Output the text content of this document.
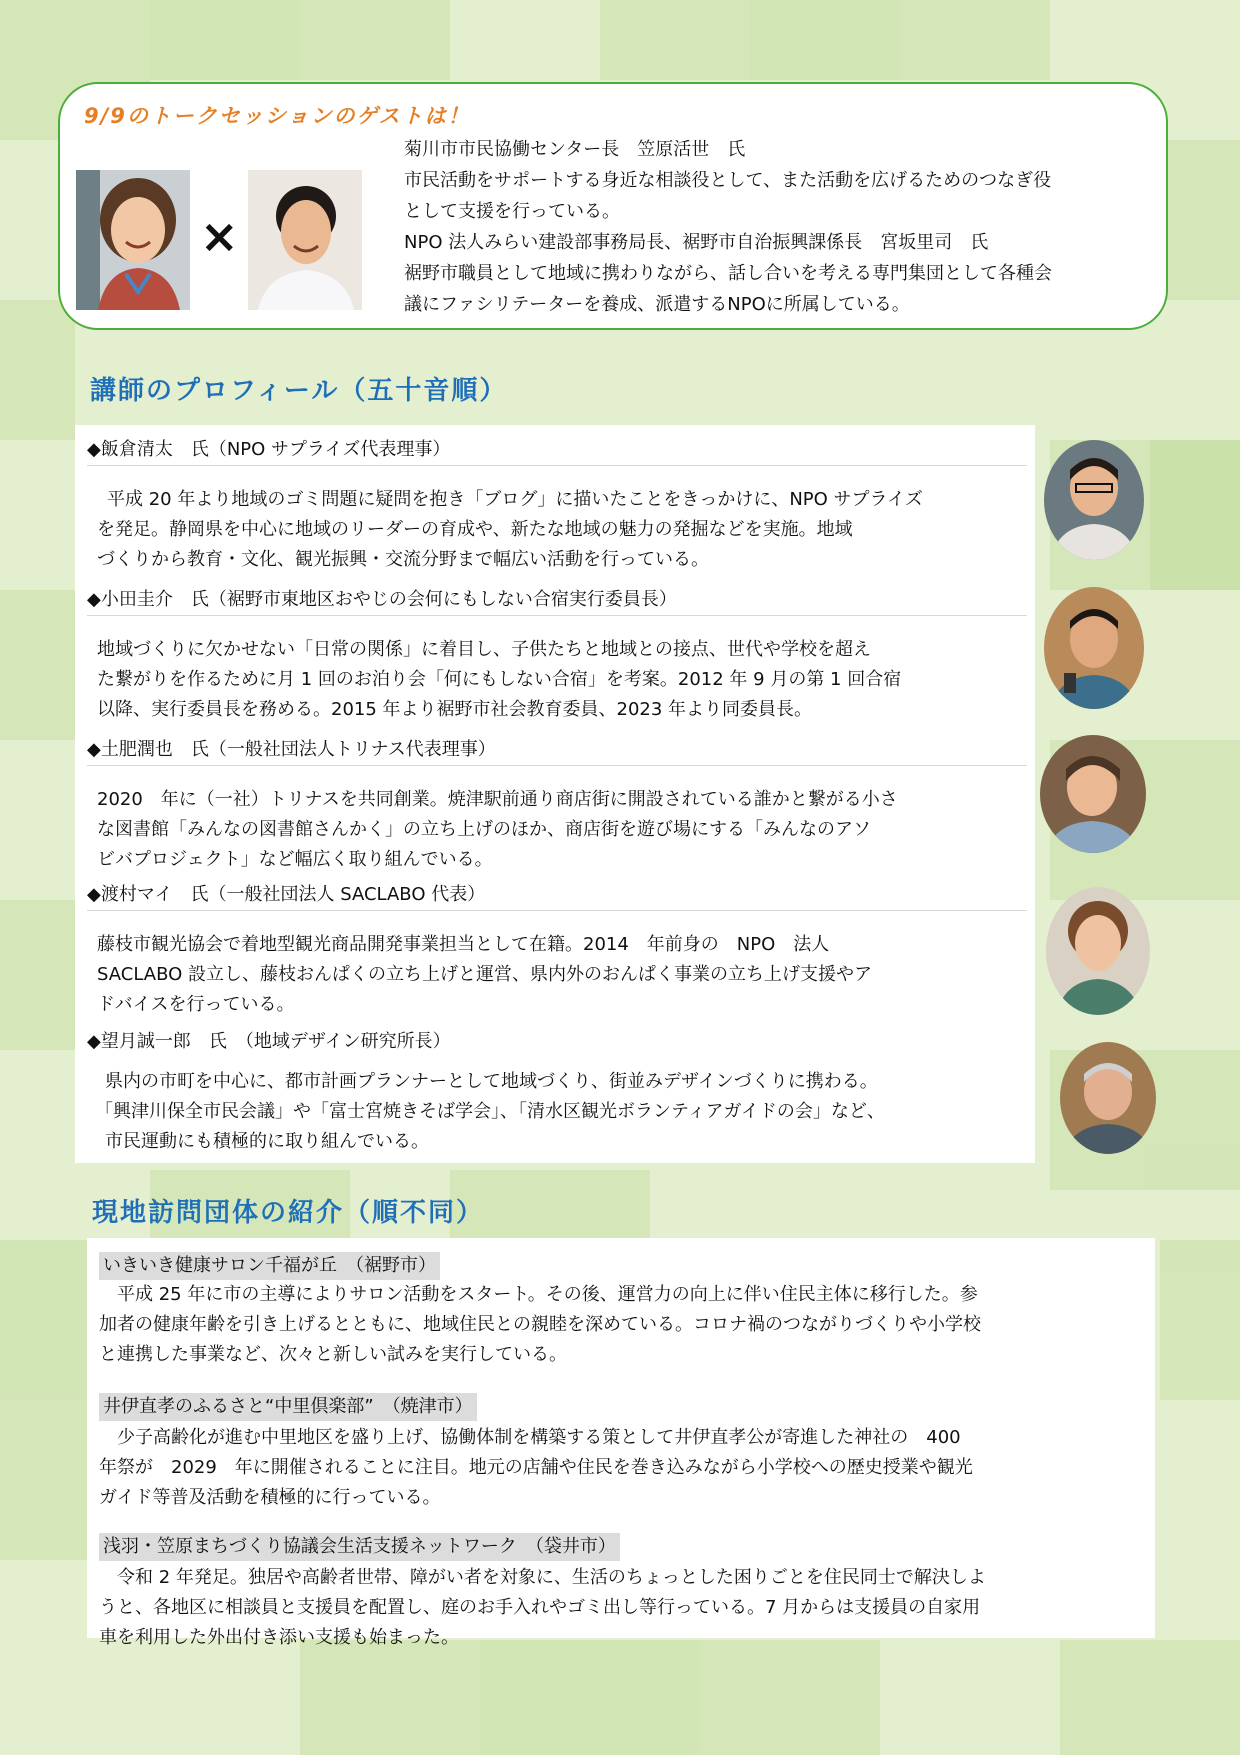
9/9のトークセッションのゲストは！
×

菊川市市民協働センター長　笠原活世　氏

市民活動をサポートする身近な相談役として、また活動を広げるためのつなぎ役

として支援を行っている。

NPO 法人みらい建設部事務局長、裾野市自治振興課係長　宮坂里司　氏

裾野市職員として地域に携わりながら、話し合いを考える専門集団として各種会

議にファシリテーターを養成、派遣するNPOに所属している。

講師のプロフィール（五十音順）
◆飯倉清太　氏（NPO サプライズ代表理事）

平成 20 年より地域のゴミ問題に疑問を抱き「ブログ」に描いたことをきっかけに、NPO サプライズ

を発足。静岡県を中心に地域のリーダーの育成や、新たな地域の魅力の発掘などを実施。地域

づくりから教育・文化、観光振興・交流分野まで幅広い活動を行っている。

◆小田圭介　氏（裾野市東地区おやじの会何にもしない合宿実行委員長）

地域づくりに欠かせない「日常の関係」に着目し、子供たちと地域との接点、世代や学校を超え

た繋がりを作るために月 1 回のお泊り会「何にもしない合宿」を考案。2012 年 9 月の第 1 回合宿

以降、実行委員長を務める。2015 年より裾野市社会教育委員、2023 年より同委員長。

◆土肥潤也　氏（一般社団法人トリナス代表理事）

2020　年に（一社）トリナスを共同創業。焼津駅前通り商店街に開設されている誰かと繋がる小さ

な図書館「みんなの図書館さんかく」の立ち上げのほか、商店街を遊び場にする「みんなのアソ

ビバプロジェクト」など幅広く取り組んでいる。

◆渡村マイ　氏（一般社団法人 SACLABO 代表）

藤枝市観光協会で着地型観光商品開発事業担当として在籍。2014　年前身の　NPO　法人

SACLABO 設立し、藤枝おんぱくの立ち上げと運営、県内外のおんぱく事業の立ち上げ支援やア

ドバイスを行っている。

◆望月誠一郎　氏　（地域デザイン研究所長）

県内の市町を中心に、都市計画プランナーとして地域づくり、街並みデザインづくりに携わる。

「興津川保全市民会議」や「富士宮焼きそば学会」、「清水区観光ボランティアガイドの会」など、

市民運動にも積極的に取り組んでいる。

現地訪問団体の紹介（順不同）
いきいき健康サロン千福が丘　（裾野市）

平成 25 年に市の主導によりサロン活動をスタート。その後、運営力の向上に伴い住民主体に移行した。参

加者の健康年齢を引き上げるとともに、地域住民との親睦を深めている。コロナ禍のつながりづくりや小学校

と連携した事業など、次々と新しい試みを実行している。

井伊直孝のふるさと“中里倶楽部”　（焼津市）

少子高齢化が進む中里地区を盛り上げ、協働体制を構築する策として井伊直孝公が寄進した神社の　400

年祭が　2029　年に開催されることに注目。地元の店舗や住民を巻き込みながら小学校への歴史授業や観光

ガイド等普及活動を積極的に行っている。

浅羽・笠原まちづくり協議会生活支援ネットワーク　（袋井市）

令和 2 年発足。独居や高齢者世帯、障がい者を対象に、生活のちょっとした困りごとを住民同士で解決しよ

うと、各地区に相談員と支援員を配置し、庭のお手入れやゴミ出し等行っている。7 月からは支援員の自家用

車を利用した外出付き添い支援も始まった。
